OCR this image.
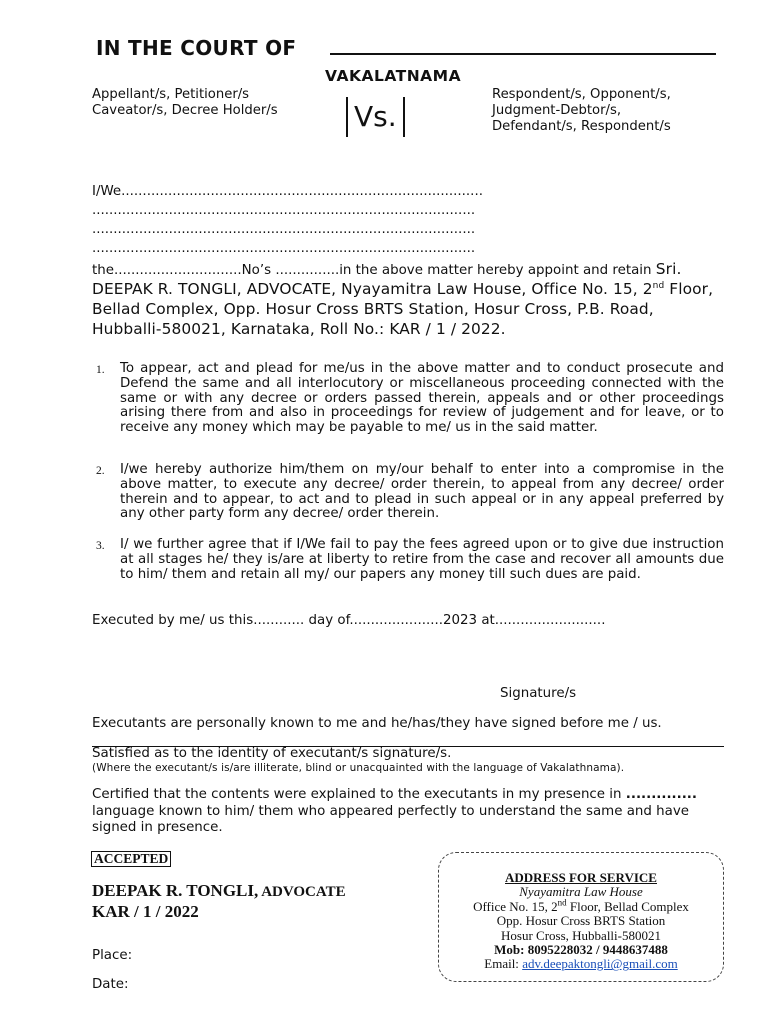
IN THE COURT OF
VAKALATNAMA
Appellant/s, Petitioner/s
Caveator/s, Decree Holder/s	Vs.
Respondent/s, Opponent/s,
Judgment-Debtor/s,
Defendant/s, Respondent/s
I/We.....................................................................................
..........................................................................................
..........................................................................................
..........................................................................................
the..............................No’s ...............in the above matter hereby appoint and retain Sri. DEEPAK R. TONGLI, ADVOCATE, Nyayamitra Law House, Office No. 15, 2nd Floor, Bellad Complex, Opp. Hosur Cross BRTS Station, Hosur Cross, P.B. Road, Hubballi-580021, Karnataka, Roll No.: KAR / 1 / 2022.
1.	To appear, act and plead for me/us in the above matter and to conduct prosecute and Defend the same and all interlocutory or miscellaneous proceeding connected with the same or with any decree or orders passed therein, appeals and or other proceedings arising there from and also in proceedings for review of judgement and for leave, or to receive any money which may be payable to me/ us in the said matter.
2.	I/we hereby authorize him/them on my/our behalf to enter into a compromise in the above matter, to execute any decree/ order therein, to appeal from any decree/ order therein and to appear, to act and to plead in such appeal or in any appeal preferred by any other party form any decree/ order therein.
3.	I/ we further agree that if I/We fail to pay the fees agreed upon or to give due instruction at all stages he/ they is/are at liberty to retire from the case and recover all amounts due to him/ them and retain all my/ our papers any money till such dues are paid.
Executed by me/ us this............ day of......................2023 at..........................
Signature/s
Executants are personally known to me and he/has/they have signed before me / us.
Satisfied as to the identity of executant/s signature/s.
(Where the executant/s is/are illiterate, blind or unacquainted with the language of Vakalathnama).
Certified that the contents were explained to the executants in my presence in .............. language known to him/ them who appeared perfectly to understand the same and have signed in presence.
ACCEPTED
DEEPAK R. TONGLI, ADVOCATE
KAR / 1 / 2022
Place:
Date:
ADDRESS FOR SERVICE
Nyayamitra Law House
Office No. 15, 2nd Floor, Bellad Complex
Opp. Hosur Cross BRTS Station
Hosur Cross, Hubballi-580021
Mob: 8095228032 / 9448637488
Email: adv.deepaktongli@gmail.com
